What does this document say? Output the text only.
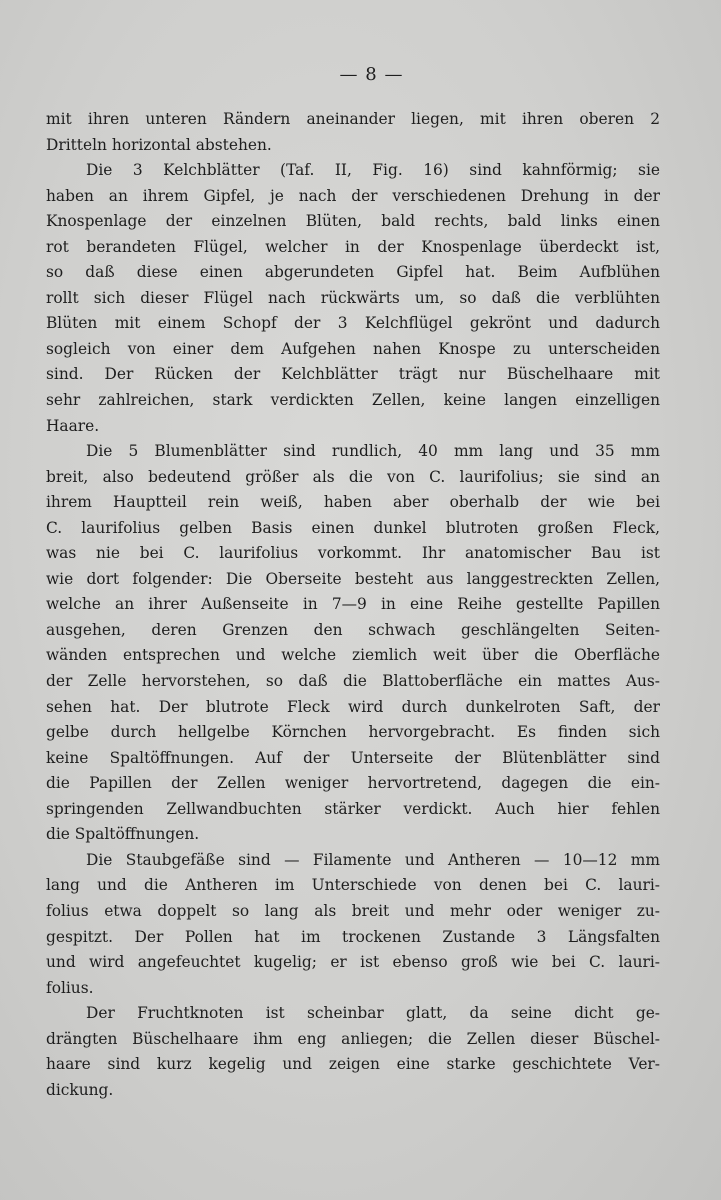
— 8 —
mit ihren unteren Rändern aneinander liegen, mit ihren oberen 2
Dritteln horizontal abstehen.
Die 3 Kelchblätter (Taf. II, Fig. 16) sind kahnförmig; sie
haben an ihrem Gipfel, je nach der verschiedenen Drehung in der
Knospenlage der einzelnen Blüten, bald rechts, bald links einen
rot berandeten Flügel, welcher in der Knospenlage überdeckt ist,
so daß diese einen abgerundeten Gipfel hat. Beim Aufblühen
rollt sich dieser Flügel nach rückwärts um, so daß die verblühten
Blüten mit einem Schopf der 3 Kelchflügel gekrönt und dadurch
sogleich von einer dem Aufgehen nahen Knospe zu unterscheiden
sind. Der Rücken der Kelchblätter trägt nur Büschelhaare mit
sehr zahlreichen, stark verdickten Zellen, keine langen einzelligen
Haare.
Die 5 Blumenblätter sind rundlich, 40 mm lang und 35 mm
breit, also bedeutend größer als die von C. laurifolius; sie sind an
ihrem Hauptteil rein weiß, haben aber oberhalb der wie bei
C. laurifolius gelben Basis einen dunkel blutroten großen Fleck,
was nie bei C. laurifolius vorkommt. Ihr anatomischer Bau ist
wie dort folgender: Die Oberseite besteht aus langgestreckten Zellen,
welche an ihrer Außenseite in 7—9 in eine Reihe gestellte Papillen
ausgehen, deren Grenzen den schwach geschlängelten Seiten-
wänden entsprechen und welche ziemlich weit über die Oberfläche
der Zelle hervorstehen, so daß die Blattoberfläche ein mattes Aus-
sehen hat. Der blutrote Fleck wird durch dunkelroten Saft, der
gelbe durch hellgelbe Körnchen hervorgebracht. Es finden sich
keine Spaltöffnungen. Auf der Unterseite der Blütenblätter sind
die Papillen der Zellen weniger hervortretend, dagegen die ein-
springenden Zellwandbuchten stärker verdickt. Auch hier fehlen
die Spaltöffnungen.
Die Staubgefäße sind — Filamente und Antheren — 10—12 mm
lang und die Antheren im Unterschiede von denen bei C. lauri-
folius etwa doppelt so lang als breit und mehr oder weniger zu-
gespitzt. Der Pollen hat im trockenen Zustande 3 Längsfalten
und wird angefeuchtet kugelig; er ist ebenso groß wie bei C. lauri-
folius.
Der Fruchtknoten ist scheinbar glatt, da seine dicht ge-
drängten Büschelhaare ihm eng anliegen; die Zellen dieser Büschel-
haare sind kurz kegelig und zeigen eine starke geschichtete Ver-
dickung.
